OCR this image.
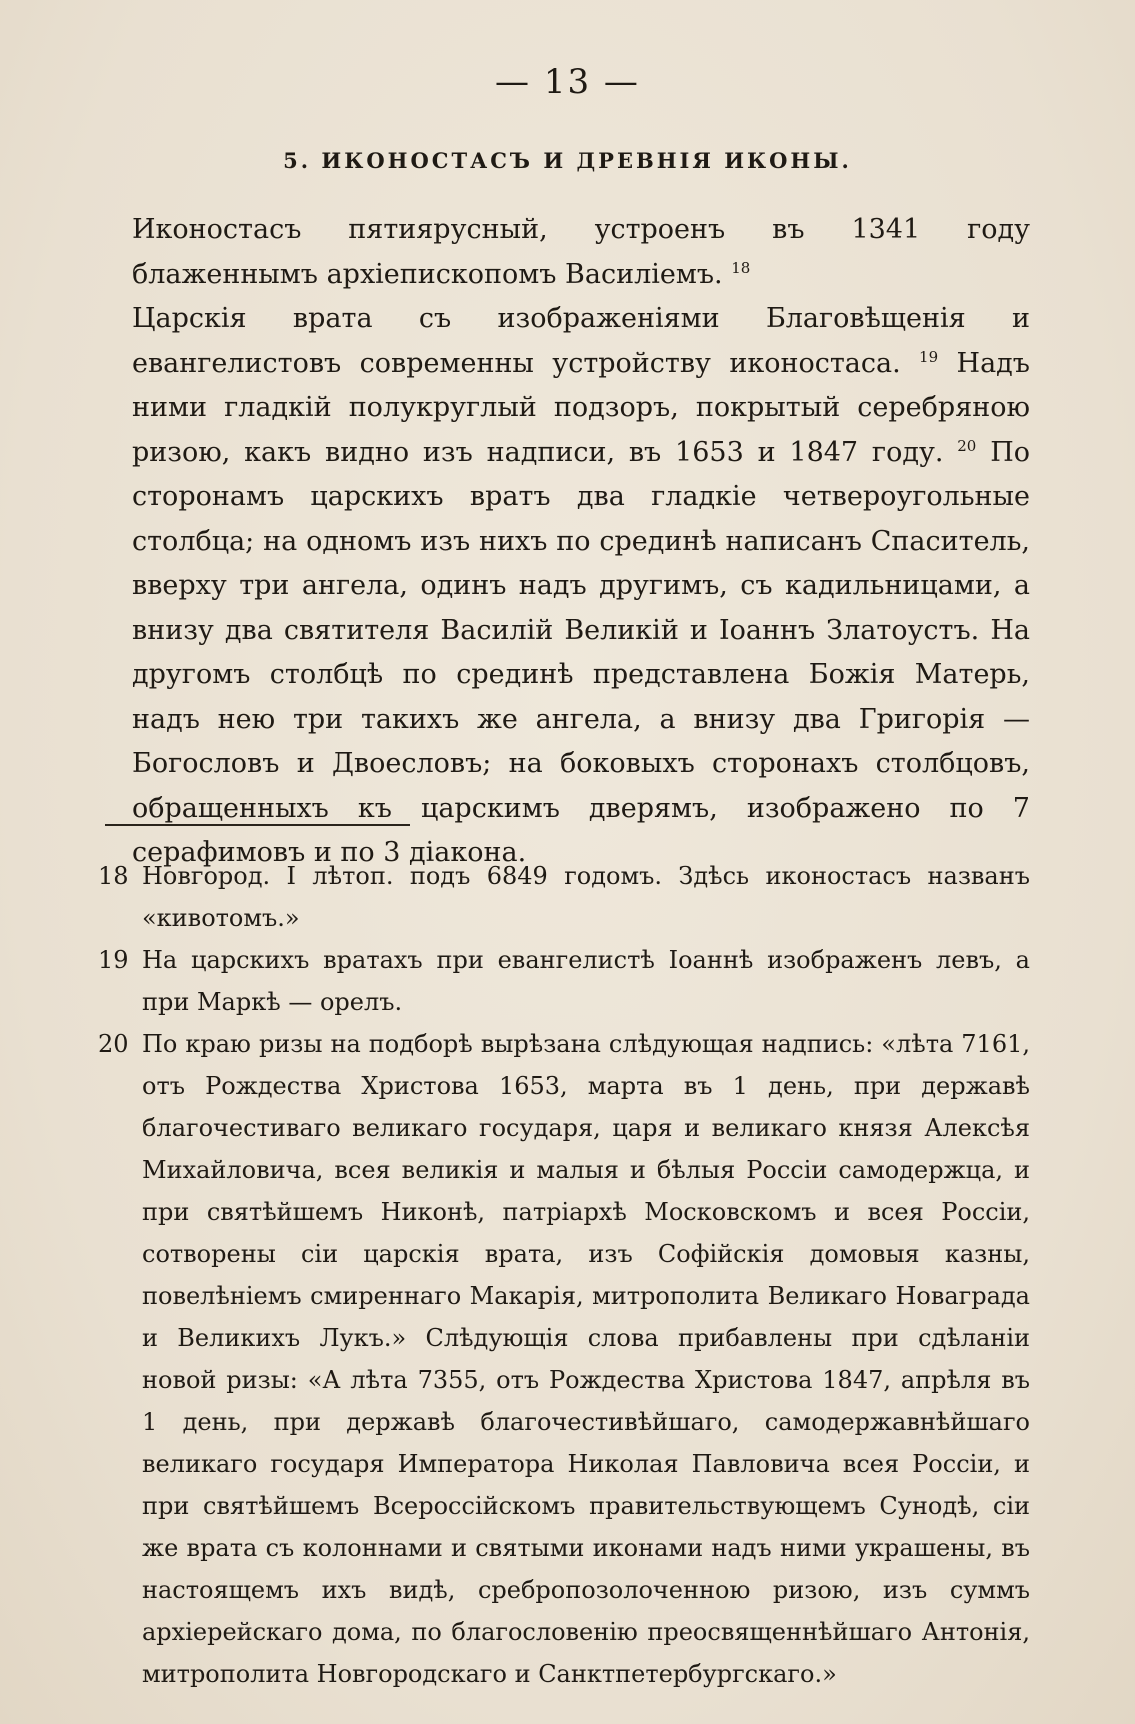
— 13 —
5. ИКОНОСТАСЪ И ДРЕВНІЯ ИКОНЫ.

Иконостасъ пятиярусный, устроенъ въ 1341 году блаженнымъ архіепископомъ Василіемъ. $^{18}$

Царскія врата съ изображеніями Благовѣщенія и евангелистовъ современны устройству иконостаса. $^{19}$ Надъ ними гладкій полукруглый подзоръ, покрытый серебряною ризою, какъ видно изъ надписи, въ 1653 и 1847 году. $^{20}$ По сторонамъ царскихъ вратъ два гладкіе четвероугольные столбца; на одномъ изъ нихъ по срединѣ написанъ Спаситель, вверху три ангела, одинъ надъ другимъ, съ кадильницами, а внизу два святителя Василій Великій и Іоаннъ Златоустъ. На другомъ столбцѣ по срединѣ представлена Божія Матерь, надъ нею три такихъ же ангела, а внизу два Григорія — Богословъ и Двоесловъ; на боковыхъ сторонахъ столбцовъ, обращенныхъ къ царскимъ дверямъ, изображено по 7 серафимовъ и по 3 діакона.

18 Новгород. I лѣтоп. подъ 6849 годомъ. Здѣсь иконостасъ названъ «кивотомъ.»
19 На царскихъ вратахъ при евангелистѣ Іоаннѣ изображенъ левъ, а при Маркѣ — орелъ.
20 По краю ризы на подборѣ вырѣзана слѣдующая надпись: «лѣта 7161, отъ Рождества Христова 1653, марта въ 1 день, при державѣ благочестиваго великаго государя, царя и великаго князя Алексѣя Михайловича, всея великія и малыя и бѣлыя Россіи самодержца, и при святѣйшемъ Никонѣ, патріархѣ Московскомъ и всея Россіи, сотворены сіи царскія врата, изъ Софійскія домовыя казны, повелѣніемъ смиреннаго Макарія, митрополита Великаго Новаграда и Великихъ Лукъ.» Слѣдующія слова прибавлены при сдѣланіи новой ризы: «А лѣта 7355, отъ Рождества Христова 1847, апрѣля въ 1 день, при державѣ благочестивѣйшаго, самодержавнѣйшаго великаго государя Императора Николая Павловича всея Россіи, и при святѣйшемъ Всероссійскомъ правительствующемъ Сунодѣ, сіи же врата съ колоннами и святыми иконами надъ ними украшены, въ настоящемъ ихъ видѣ, сребропозолоченною ризою, изъ суммъ архіерейскаго дома, по благословенію преосвященнѣйшаго Антонія, митрополита Новгородскаго и Санктпетербургскаго.»
